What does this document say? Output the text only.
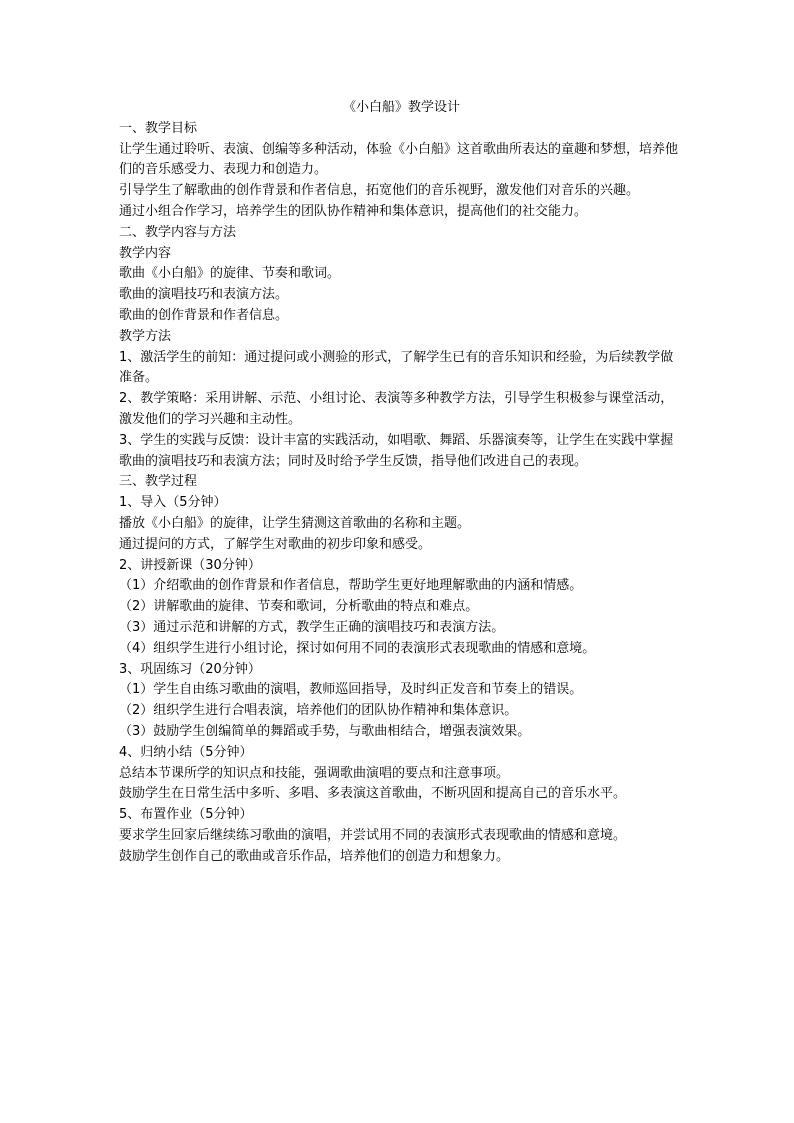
《小白船》教学设计

一、教学目标

让学生通过聆听、表演、创编等多种活动，体验《小白船》这首歌曲所表达的童趣和梦想，培养他们的音乐感受力、表现力和创造力。

引导学生了解歌曲的创作背景和作者信息，拓宽他们的音乐视野，激发他们对音乐的兴趣。

通过小组合作学习，培养学生的团队协作精神和集体意识，提高他们的社交能力。

二、教学内容与方法

教学内容

歌曲《小白船》的旋律、节奏和歌词。

歌曲的演唱技巧和表演方法。

歌曲的创作背景和作者信息。

教学方法

1、激活学生的前知：通过提问或小测验的形式，了解学生已有的音乐知识和经验，为后续教学做准备。

2、教学策略：采用讲解、示范、小组讨论、表演等多种教学方法，引导学生积极参与课堂活动，激发他们的学习兴趣和主动性。

3、学生的实践与反馈：设计丰富的实践活动，如唱歌、舞蹈、乐器演奏等，让学生在实践中掌握歌曲的演唱技巧和表演方法；同时及时给予学生反馈，指导他们改进自己的表现。

三、教学过程

1、导入（5分钟）

播放《小白船》的旋律，让学生猜测这首歌曲的名称和主题。

通过提问的方式，了解学生对歌曲的初步印象和感受。

2、讲授新课（30分钟）

（1）介绍歌曲的创作背景和作者信息，帮助学生更好地理解歌曲的内涵和情感。

（2）讲解歌曲的旋律、节奏和歌词，分析歌曲的特点和难点。

（3）通过示范和讲解的方式，教学生正确的演唱技巧和表演方法。

（4）组织学生进行小组讨论，探讨如何用不同的表演形式表现歌曲的情感和意境。

3、巩固练习（20分钟）

（1）学生自由练习歌曲的演唱，教师巡回指导，及时纠正发音和节奏上的错误。

（2）组织学生进行合唱表演，培养他们的团队协作精神和集体意识。

（3）鼓励学生创编简单的舞蹈或手势，与歌曲相结合，增强表演效果。

4、归纳小结（5分钟）

总结本节课所学的知识点和技能，强调歌曲演唱的要点和注意事项。

鼓励学生在日常生活中多听、多唱、多表演这首歌曲，不断巩固和提高自己的音乐水平。

5、布置作业（5分钟）

要求学生回家后继续练习歌曲的演唱，并尝试用不同的表演形式表现歌曲的情感和意境。

鼓励学生创作自己的歌曲或音乐作品，培养他们的创造力和想象力。
